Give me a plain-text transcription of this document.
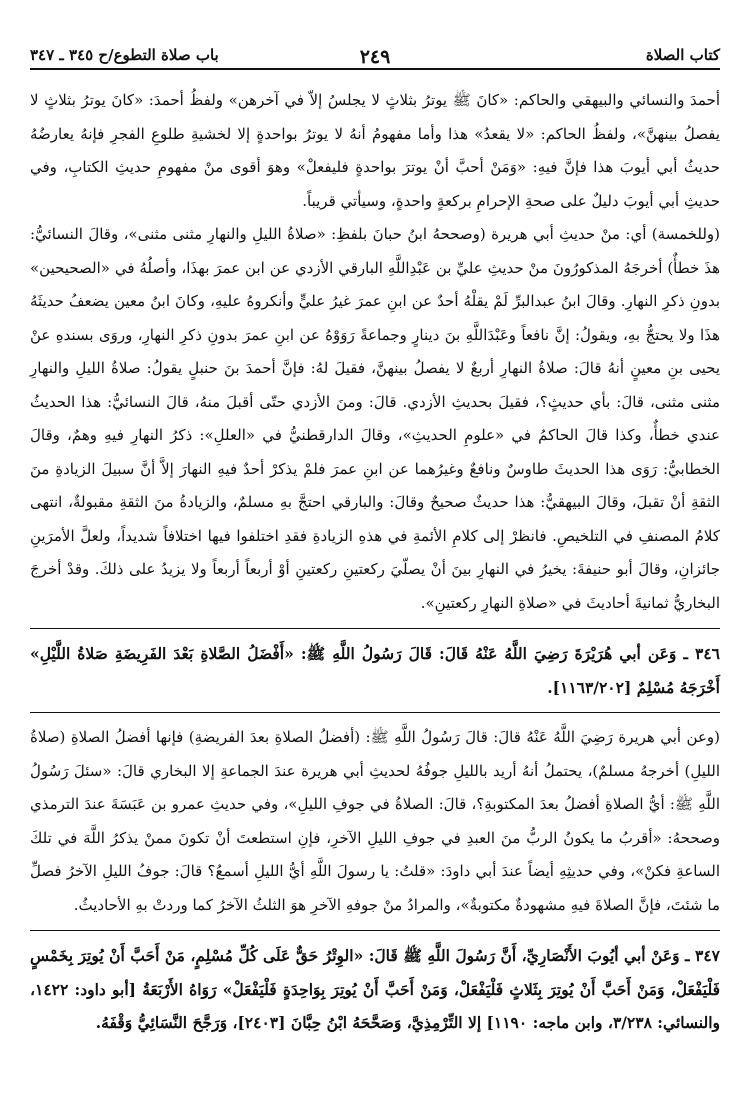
كتاب الصلاة
٢٤٩
باب صلاة التطوع/ح ٣٤٥ ـ ٣٤٧

أحمدَ والنسائي والبيهقي والحاكم: «كانَ ﷺ يوترُ بثلاثٍ لا يجلسُ إلاّ في آخرهن» ولفظُ أحمدَ: «كانَ يوترُ بثلاثٍ لا يفصلُ بينهنَّ»، ولفظُ الحاكم: «لا يقعدُ» هذا وأما مفهومُ أنهُ لا يوترُ بواحدةٍ إلا لخشيةِ طلوعِ الفجرِ فإنهُ يعارضُهُ حديثُ أبي أيوبَ هذا فإنَّ فيهِ: «وَمَنْ أحبَّ أنْ يوترَ بواحدةٍ فليفعلْ» وهوَ أقوى منْ مفهومِ حديثِ الكتابِ، وفي حديثِ أبي أيوبَ دليلٌ على صحةِ الإحرامِ بركعةٍ واحدةٍ، وسيأتي قريباً.

(وللخمسة) أي: منْ حديثِ أبي هريرة (وصححهُ ابنُ حبانَ بلفظِ: «صلاةُ الليلِ والنهارِ مثنى مثنى»، وقالَ النسائيُّ: هذَ خطأٌ) أخرجَهُ المذكورُونَ منْ حديثِ عليِّ بن عَبْدِاللَّهِ البارقي الأزدي عن ابن عمرَ بهذَا، وأصلُهُ في «الصحيحين» بدونِ ذكرِ النهارِ. وقالَ ابنُ عبدالبرِّ لَمْ يقلْهُ أحدٌ عن ابنِ عمرَ غيرُ عليٍّ وأنكروهُ عليهِ، وكانَ ابنُ معين يضعفُ حديثَهُ هذَا ولا يحتجُّ بهِ، ويقولُ: إنَّ نافعاً وعَبْدَاللَّهِ بنَ دينارٍ وجماعةً رَوَوْهُ عن ابنِ عمرَ بدونِ ذكرِ النهارِ، وروَى بسندهِ عنْ يحيى بنِ معينٍ أنهُ قالَ: صلاةُ النهارِ أربعٌ لا يفصلُ بينهنَّ، فقيلَ لهُ: فإنَّ أحمدَ بنَ حنبلٍ يقولُ: صلاةُ الليلِ والنهارِ مثنى مثنى، قالَ: بأي حديثٍ؟، فقيلَ بحديثِ الأزدي. قالَ: ومنَ الأزدي حتّى أقبلَ منهُ، قالَ النسائيُّ: هذا الحديثُ عندي خطأٌ، وكذا قالَ الحاكمُ في «علومِ الحديثِ»، وقالَ الدارقطنيُّ في «العللِ»: ذكرُ النهارِ فيهِ وهمٌ، وقالَ الخطابيُّ: رَوَى هذا الحديثَ طاوسٌ ونافعٌ وغيرُهما عن ابنِ عمرَ فلمْ يذكرْ أحدٌ فيهِ النهارَ إلاَّ أنَّ سبيلَ الزيادةِ منَ الثقةِ أنْ تقبلَ، وقالَ البيهقيُّ: هذا حديثٌ صحيحٌ وقالَ: والبارقي احتجَّ بهِ مسلمٌ، والزيادةُ منَ الثقةِ مقبولةٌ، انتهى كلامُ المصنفِ في التلخيصِ. فانظرْ إلى كلامِ الأئمةِ في هذهِ الزيادةِ فقدِ اختلفوا فيها اختلافاً شديداً، ولعلَّ الأمرَينِ جائزانِ، وقالَ أبو حنيفةَ: يخيرُ في النهارِ بينَ أنْ يصلّيَ ركعتينِ ركعتينِ أوْ أربعاً أربعاً ولا يزيدُ على ذلكَ. وقدْ أخرجَ البخاريُّ ثمانيةَ أحاديثَ في «صلاةِ النهارِ ركعتينِ».

٣٤٦ ـ وَعَن أبي هُرَيْرَةَ رَضِيَ اللَّهُ عَنْهُ قَالَ: قَالَ رَسُولُ اللَّهِ ﷺ: «أَفْضَلُ الصَّلاةِ بَعْدَ الفَرِيضَةِ صَلاةُ اللَّيْلِ» أَخْرَجَهُ مُسْلِمٌ [١١٦٣/٢٠٢].

(وعن أبي هريرة رَضِيَ اللَّهُ عَنْهُ قالَ: قالَ رَسُولُ اللَّهِ ﷺ: (أفضلُ الصلاةِ بعدَ الفريضةِ) فإنها أفضلُ الصلاةِ (صلاةُ الليلِ) أخرجهُ مسلمٌ)، يحتملُ أنهُ أريد بالليلِ جوفُهُ لحديثِ أبي هريرة عندَ الجماعةِ إلا البخاري قالَ: «سئلَ رَسُولُ اللَّهِ ﷺ: أيُّ الصلاةِ أفضلُ بعدَ المكتوبةِ؟، قالَ: الصلاةُ في جوفِ الليلِ»، وفي حديثِ عمرو بن عَبَسَةَ عندَ الترمذي وصححهُ: «أقربُ ما يكونُ الربُّ منَ العبدِ في جوفِ الليلِ الآخرِ، فإنِ استطعتَ أنْ تكونَ ممنْ يذكرُ اللَّهَ في تلكَ الساعةِ فكنْ»، وفي حديثِهِ أيضاً عندَ أبي داودَ: «قلتُ: يا رسولَ اللَّهِ أيُّ الليلِ أسمعُ؟ قالَ: جوفُ الليلِ الآخرُ فصلِّ ما شئتَ، فإنَّ الصلاةَ فيهِ مشهودةٌ مكتوبةٌ»، والمرادُ منْ جوفهِ الآخرِ هوَ الثلثُ الآخرُ كما وردتْ بهِ الأحاديثُ.

٣٤٧ ـ وَعَنْ أبي أيُوبَ الأَنْصَارِيِّ، أَنَّ رَسُولَ اللَّهِ ﷺ قَالَ: «الوِتْرُ حَقٌّ عَلَى كُلِّ مُسْلِمٍ، مَنْ أَحَبَّ أَنْ يُوتِرَ بِخَمْسٍ فَلْيَفْعَلْ، وَمَنْ أَحَبَّ أَنْ يُوتِرَ بِثَلاثٍ فَلْيَفْعَلْ، وَمَنْ أَحَبَّ أَنْ يُوتِرَ بِوَاحِدَةٍ فَلْيَفْعَلْ» رَوَاهُ الأَرْبَعَةُ [أبو داود: ١٤٢٢، والنسائي: ٣/٢٣٨، وابن ماجه: ١١٩٠] إلا التِّرْمِذِيَّ، وَصَحَّحَهُ ابْنُ حِبَّانَ [٢٤٠٣]، وَرَجَّحَ النَّسَائِيُّ وَقْفَهُ.
